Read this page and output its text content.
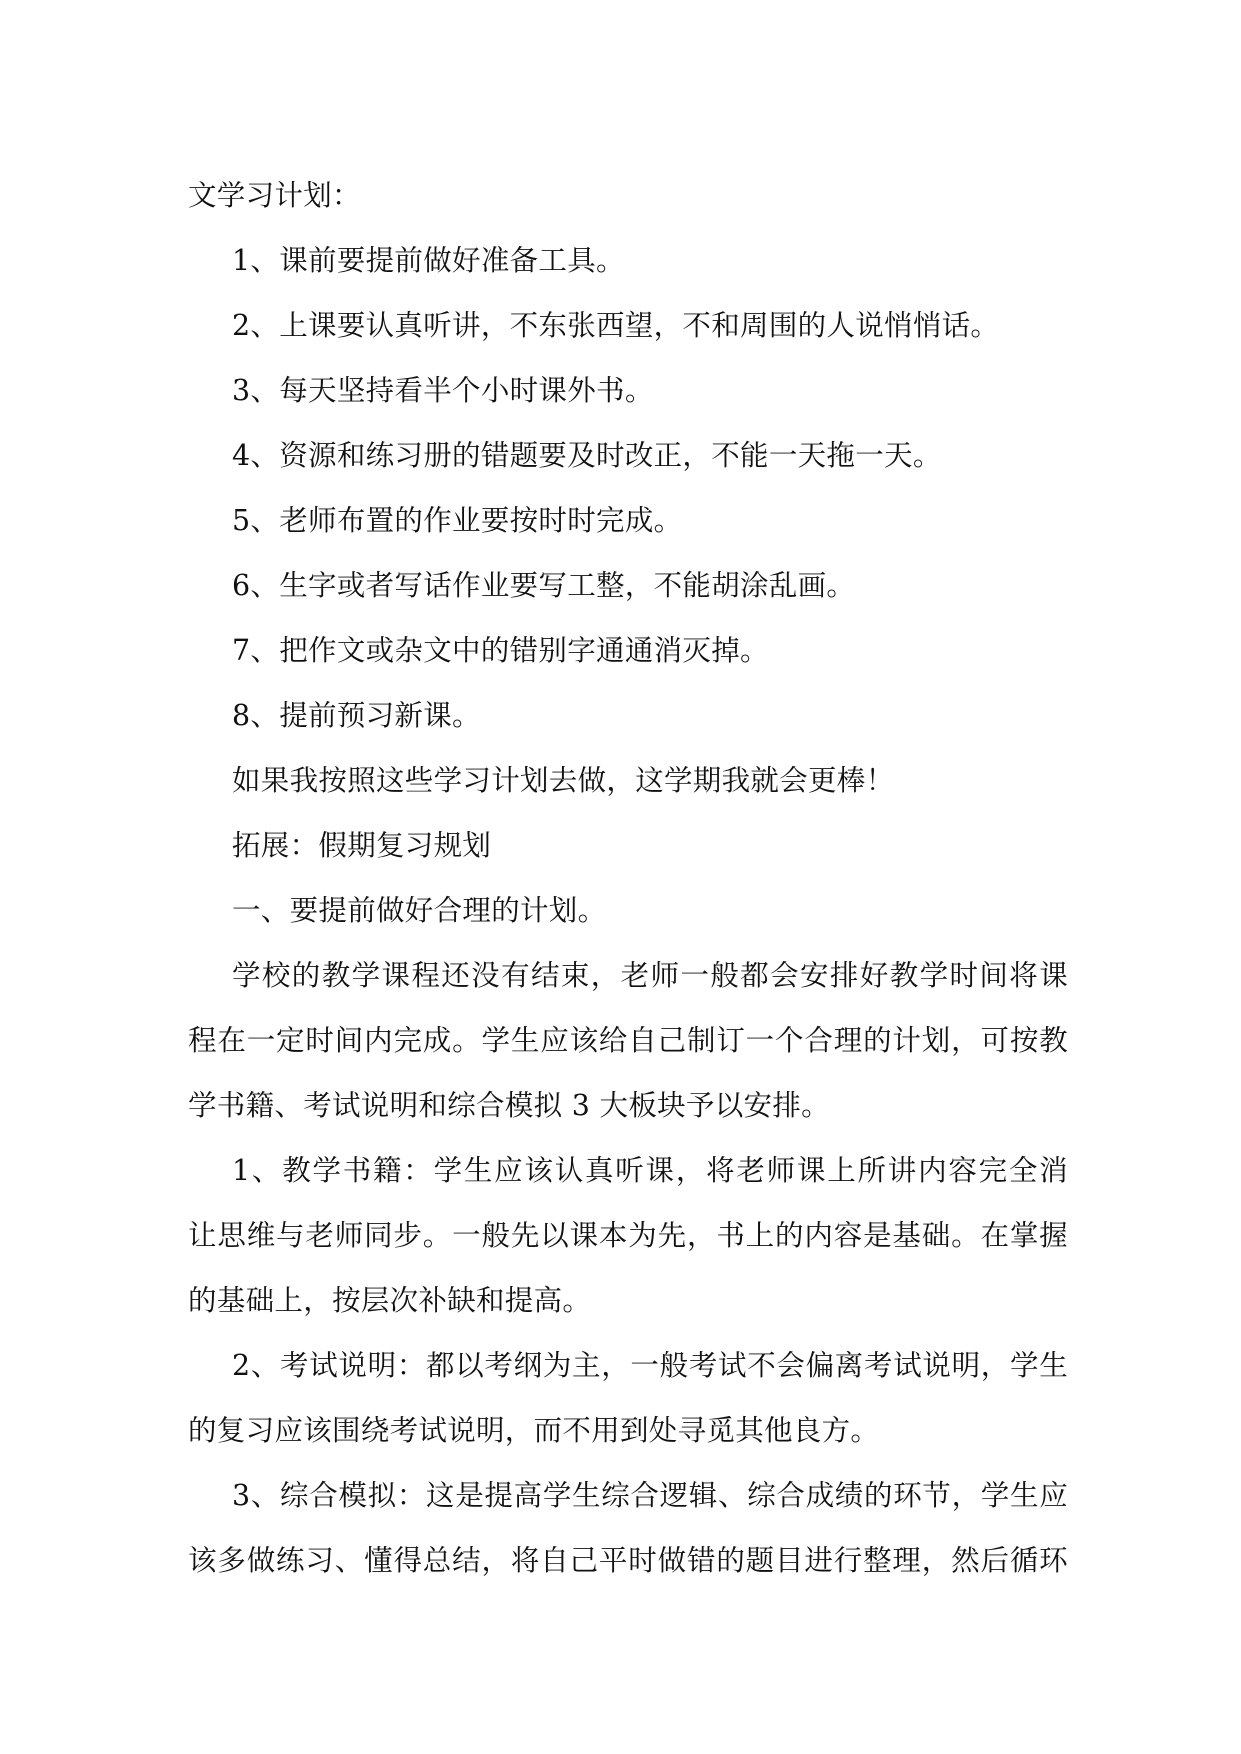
文学习计划：
1、课前要提前做好准备工具。
2、上课要认真听讲，不东张西望，不和周围的人说悄悄话。
3、每天坚持看半个小时课外书。
4、资源和练习册的错题要及时改正，不能一天拖一天。
5、老师布置的作业要按时时完成。
6、生字或者写话作业要写工整，不能胡涂乱画。
7、把作文或杂文中的错别字通通消灭掉。
8、提前预习新课。
如果我按照这些学习计划去做，这学期我就会更棒！
拓展：假期复习规划
一、要提前做好合理的计划。
学校的教学课程还没有结束，老师一般都会安排好教学时间将课
程在一定时间内完成。学生应该给自己制订一个合理的计划，可按教
学书籍、考试说明和综合模拟 3 大板块予以安排。
1、教学书籍：学生应该认真听课，将老师课上所讲内容完全消
让思维与老师同步。一般先以课本为先，书上的内容是基础。在掌握
的基础上，按层次补缺和提高。
2、考试说明：都以考纲为主，一般考试不会偏离考试说明，学生
的复习应该围绕考试说明，而不用到处寻觅其他良方。
3、综合模拟：这是提高学生综合逻辑、综合成绩的环节，学生应
该多做练习、懂得总结，将自己平时做错的题目进行整理，然后循环
